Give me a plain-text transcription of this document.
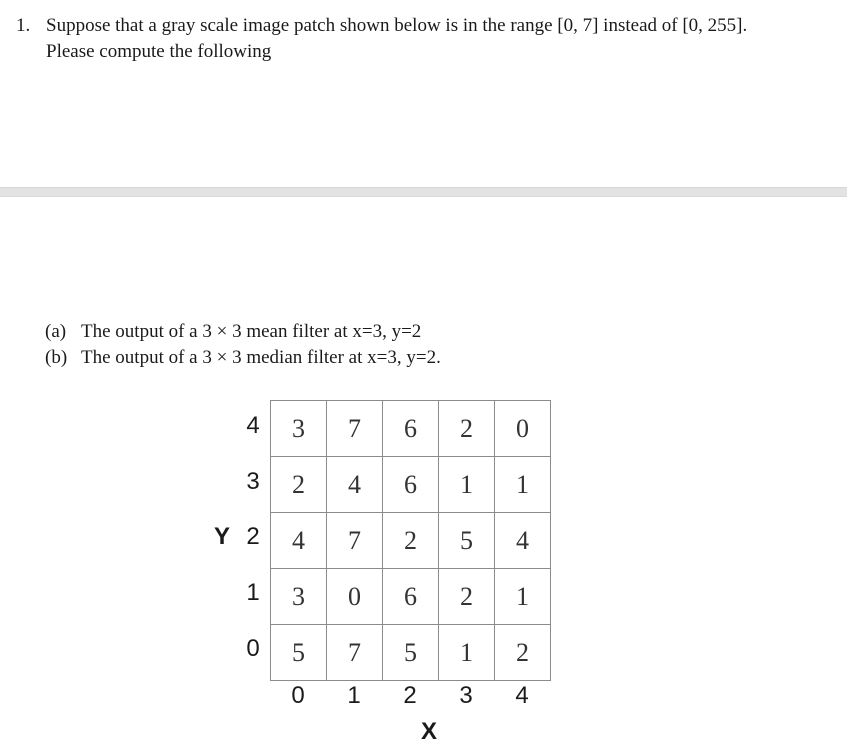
1. Suppose that a gray scale image patch shown below is in the range [0, 7] instead of [0, 255].
Please compute the following
(a) The output of a 3 × 3 mean filter at x=3, y=2
(b) The output of a 3 × 3 median filter at x=3, y=2.
3	7	6	2	0
2	4	6	1	1
4	7	2	5	4
3	0	6	2	1
5	7	5	1	2
4
3
2
1
0
Y
0	1	2	3	4
X
